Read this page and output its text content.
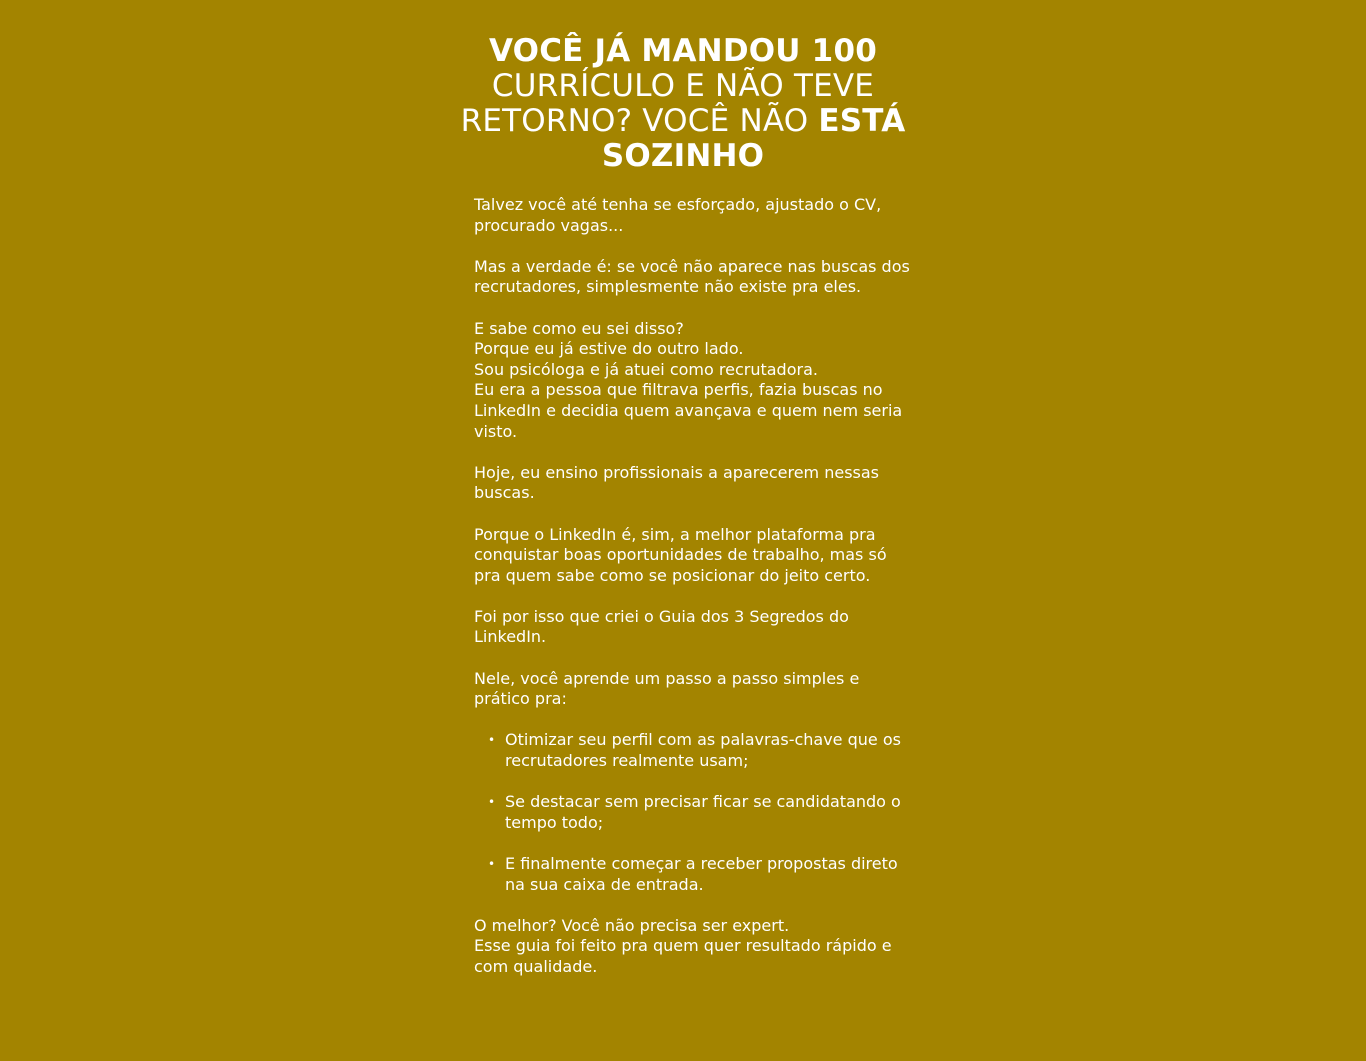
VOCÊ JÁ MANDOU 100 CURRÍCULO E NÃO TEVE RETORNO? VOCÊ NÃO ESTÁ SOZINHO

Talvez você até tenha se esforçado, ajustado o CV, procurado vagas...

Mas a verdade é: se você não aparece nas buscas dos recrutadores, simplesmente não existe pra eles.

E sabe como eu sei disso?
Porque eu já estive do outro lado.
Sou psicóloga e já atuei como recrutadora.
Eu era a pessoa que filtrava perfis, fazia buscas no LinkedIn e decidia quem avançava e quem nem seria visto.

Hoje, eu ensino profissionais a aparecerem nessas buscas.

Porque o LinkedIn é, sim, a melhor plataforma pra conquistar boas oportunidades de trabalho, mas só pra quem sabe como se posicionar do jeito certo.

Foi por isso que criei o Guia dos 3 Segredos do LinkedIn.

Nele, você aprende um passo a passo simples e prático pra:

• Otimizar seu perfil com as palavras-chave que os recrutadores realmente usam;
• Se destacar sem precisar ficar se candidatando o tempo todo;
• E finalmente começar a receber propostas direto na sua caixa de entrada.

O melhor? Você não precisa ser expert.
Esse guia foi feito pra quem quer resultado rápido e com qualidade.
